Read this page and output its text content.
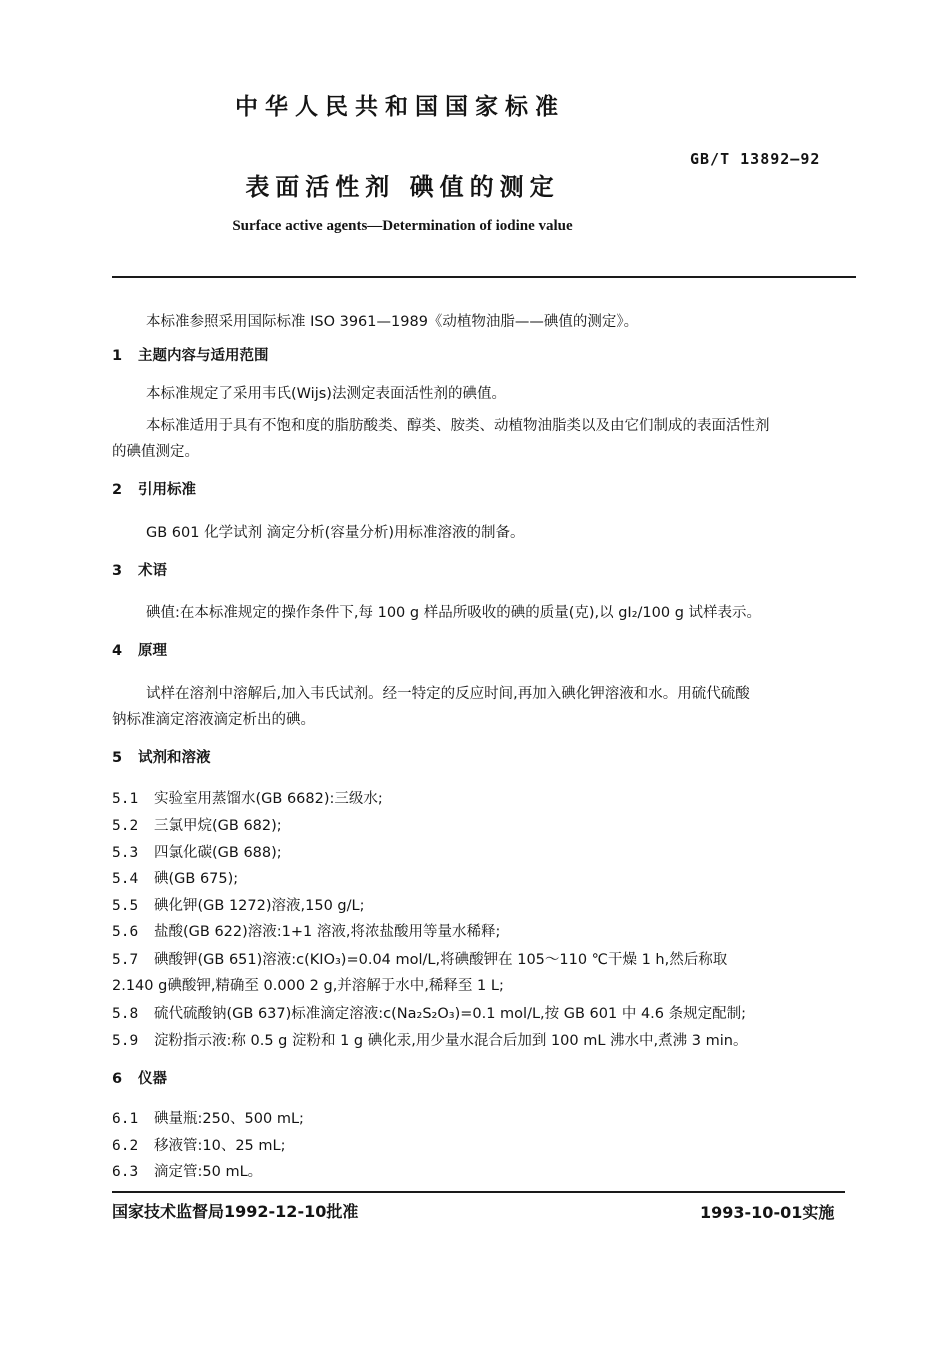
中华人民共和国国家标准
GB/T 13892—92
表面活性剂 碘值的测定
Surface active agents—Determination of iodine value
本标准参照采用国际标准 ISO 3961—1989《动植物油脂——碘值的测定》。
1 主题内容与适用范围
本标准规定了采用韦氏(Wijs)法测定表面活性剂的碘值。
本标准适用于具有不饱和度的脂肪酸类、醇类、胺类、动植物油脂类以及由它们制成的表面活性剂
的碘值测定。
2 引用标准
GB 601 化学试剂 滴定分析(容量分析)用标准溶液的制备。
3 术语
碘值:在本标准规定的操作条件下,每 100 g 样品所吸收的碘的质量(克),以 gI₂/100 g 试样表示。
4 原理
试样在溶剂中溶解后,加入韦氏试剂。经一特定的反应时间,再加入碘化钾溶液和水。用硫代硫酸
钠标准滴定溶液滴定析出的碘。
5 试剂和溶液
5.1 实验室用蒸馏水(GB 6682):三级水;
5.2 三氯甲烷(GB 682);
5.3 四氯化碳(GB 688);
5.4 碘(GB 675);
5.5 碘化钾(GB 1272)溶液,150 g/L;
5.6 盐酸(GB 622)溶液:1+1 溶液,将浓盐酸用等量水稀释;
5.7 碘酸钾(GB 651)溶液:c(KIO₃)=0.04 mol/L,将碘酸钾在 105～110 ℃干燥 1 h,然后称取
2.140 g碘酸钾,精确至 0.000 2 g,并溶解于水中,稀释至 1 L;
5.8 硫代硫酸钠(GB 637)标准滴定溶液:c(Na₂S₂O₃)=0.1 mol/L,按 GB 601 中 4.6 条规定配制;
5.9 淀粉指示液:称 0.5 g 淀粉和 1 g 碘化汞,用少量水混合后加到 100 mL 沸水中,煮沸 3 min。
6 仪器
6.1 碘量瓶:250、500 mL;
6.2 移液管:10、25 mL;
6.3 滴定管:50 mL。
国家技术监督局1992-12-10批准	1993-10-01实施
